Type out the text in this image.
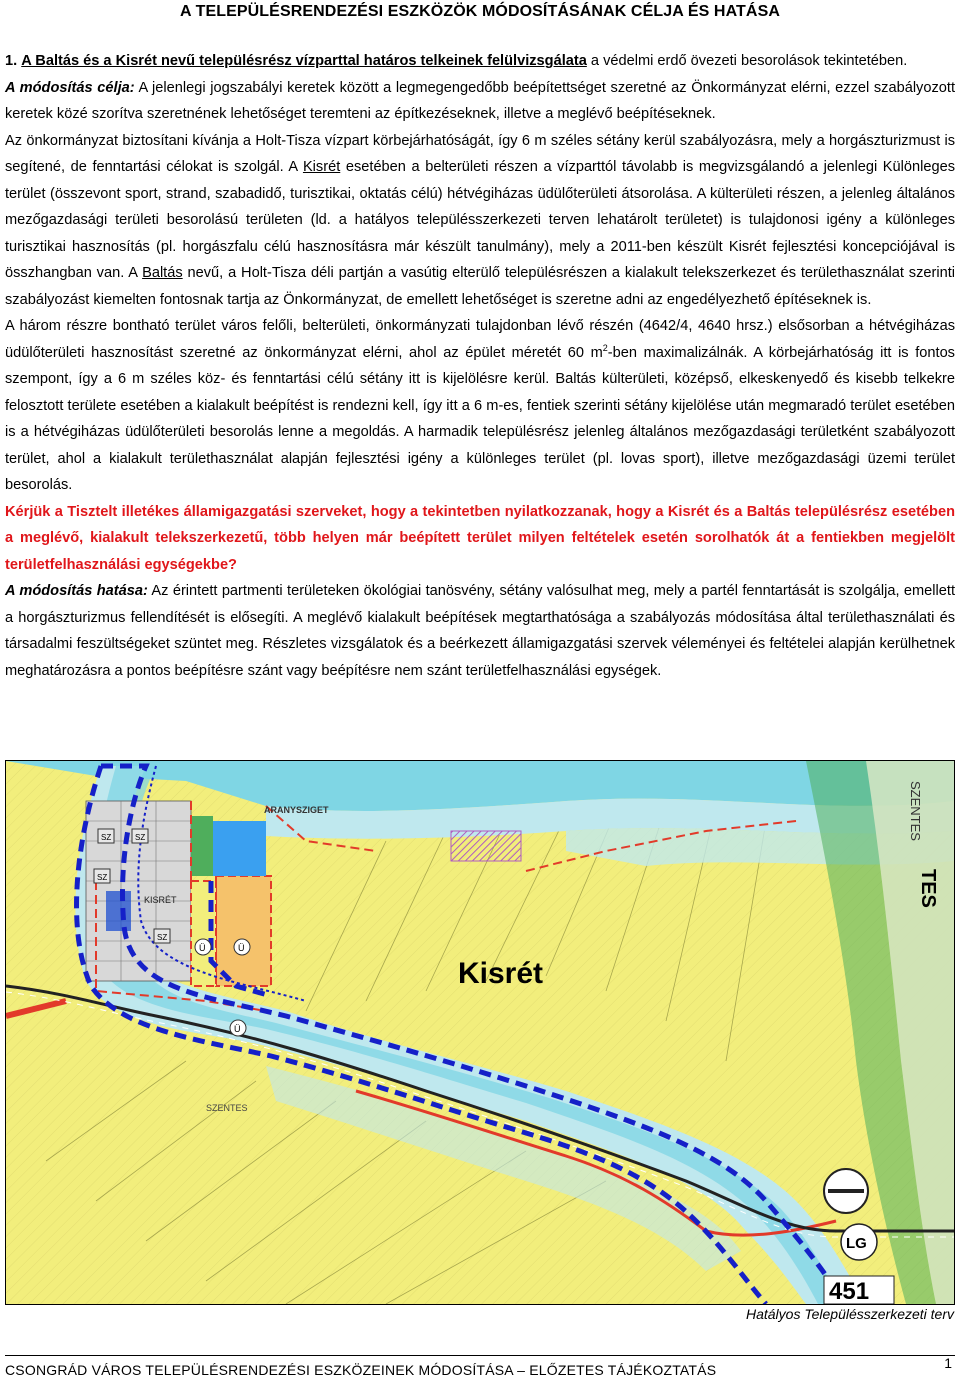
A TELEPÜLÉSRENDEZÉSI ESZKÖZÖK MÓDOSÍTÁSÁNAK CÉLJA ÉS HATÁSA

1. A Baltás és a Kisrét nevű településrész vízparttal határos telkeinek felülvizsgálata a védelmi erdő övezeti besorolások tekintetében.

A módosítás célja: A jelenlegi jogszabályi keretek között a legmegengedőbb beépítettséget szeretné az Önkormányzat elérni, ezzel szabályozott keretek közé szorítva szeretnének lehetőséget teremteni az építkezéseknek, illetve a meglévő beépítéseknek.

Az önkormányzat biztosítani kívánja a Holt-Tisza vízpart körbejárhatóságát, így 6 m széles sétány kerül szabályozásra, mely a horgászturizmust is segítené, de fenntartási célokat is szolgál. A Kisrét esetében a belterületi részen a vízparttól távolabb is megvizsgálandó a jelenlegi Különleges terület (összevont sport, strand, szabadidő, turisztikai, oktatás célú) hétvégiházas üdülőterületi átsorolása. A külterületi részen, a jelenleg általános mezőgazdasági területi besorolású területen (ld. a hatályos településszerkezeti terven lehatárolt területet) is tulajdonosi igény a különleges turisztikai hasznosítás (pl. horgászfalu célú hasznosításra már készült tanulmány), mely a 2011-ben készült Kisrét fejlesztési koncepciójával is összhangban van. A Baltás nevű, a Holt-Tisza déli partján a vasútig elterülő településrészen a kialakult telekszerkezet és területhasználat szerinti szabályozást kiemelten fontosnak tartja az Önkormányzat, de emellett lehetőséget is szeretne adni az engedélyezhető építéseknek is.

A három részre bontható terület város felőli, belterületi, önkormányzati tulajdonban lévő részén (4642/4, 4640 hrsz.) elsősorban a hétvégiházas üdülőterületi hasznosítást szeretné az önkormányzat elérni, ahol az épület méretét 60 $m^2$-ben maximalizálnák. A körbejárhatóság itt is fontos szempont, így a 6 m széles köz- és fenntartási célú sétány itt is kijelölésre kerül. Baltás külterületi, középső, elkeskenyedő és kisebb telkekre felosztott területe esetében a kialakult beépítést is rendezni kell, így itt a 6 m-es, fentiek szerinti sétány kijelölése után megmaradó terület esetében is a hétvégiházas üdülőterületi besorolás lenne a megoldás. A harmadik településrész jelenleg általános mezőgazdasági területként szabályozott terület, ahol a kialakult területhasználat alapján fejlesztési igény a különleges terület (pl. lovas sport), illetve mezőgazdasági üzemi terület besorolás.

Kérjük a Tisztelt illetékes államigazgatási szerveket, hogy a tekintetben nyilatkozzanak, hogy a Kisrét és a Baltás településrész esetében a meglévő, kialakult telekszerkezetű, több helyen már beépített terület milyen feltételek esetén sorolhatók át a fentiekben megjelölt területfelhasználási egységekbe?

A módosítás hatása: Az érintett partmenti területeken ökológiai tanösvény, sétány valósulhat meg, mely a partél fenntartását is szolgálja, emellett a horgászturizmus fellendítését is elősegíti. A meglévő kialakult beépítések megtarthatósága a szabályozás módosítása által területhasználati és társadalmi feszültségeket szüntet meg. Részletes vizsgálatok és a beérkezett államigazgatási szervek véleményei és feltételei alapján kerülhetnek meghatározásra a pontos beépítésre szánt vagy beépítésre nem szánt területfelhasználási egységek.

ARANYSZIGET
Kisrét
KISRÉT
SZENTES
SZENTES
TES
SZ	SZ
SZ
SZ
Ü	Ü
Ü
LG
451
Hatályos Településszerkezeti terv
CSONGRÁD VÁROS TELEPÜLÉSRENDEZÉSI ESZKÖZEINEK MÓDOSÍTÁSA – ELŐZETES TÁJÉKOZTATÁS	1
